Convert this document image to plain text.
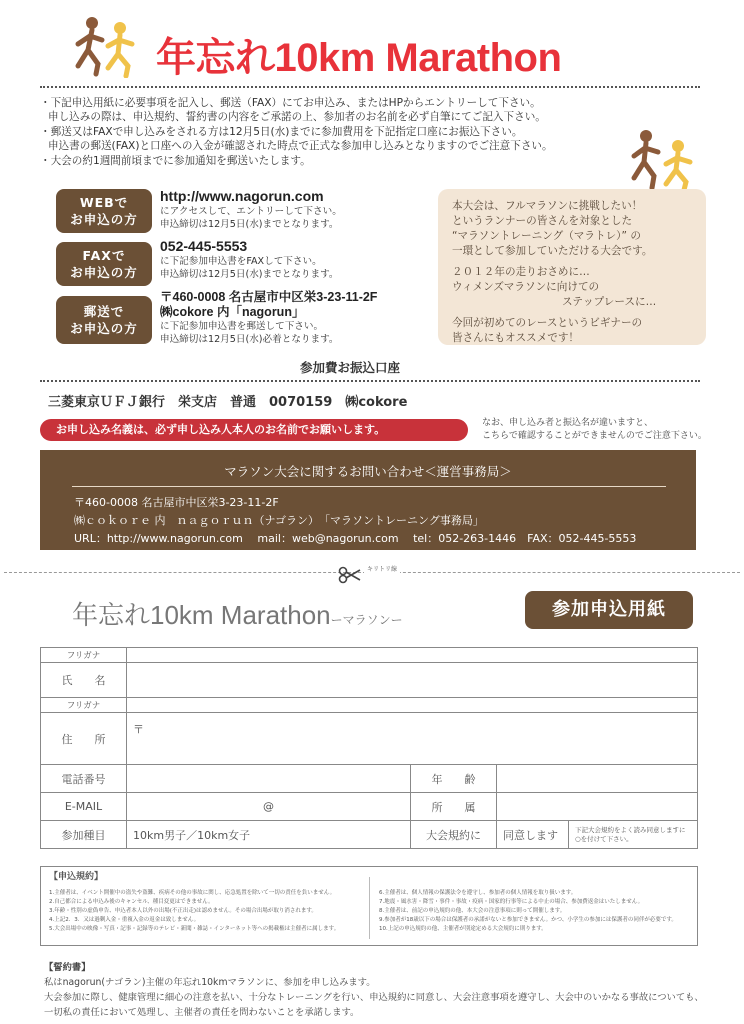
年忘れ10km Marathon

・下記申込用紙に必要事項を記入し、郵送（FAX）にてお申込み、またはHPからエントリーして下さい。

申し込みの際は、申込規約、誓約書の内容をご承諾の上、参加者のお名前を必ず自筆にてご記入下さい。

・郵送又はFAXで申し込みをされる方は12月5日(水)までに参加費用を下記指定口座にお振込下さい。

申込書の郵送(FAX)と口座への入金が確認された時点で正式な参加申し込みとなりますのでご注意下さい。

・大会の約1週間前頃までに参加通知を郵送いたします。

WEBで
お申込の方
http://www.nagorun.com
にアクセスして、エントリーして下さい。
申込締切は12月5日(水)までとなります。
FAXで
お申込の方
052-445-5553
に下記参加申込書をFAXして下さい。
申込締切は12月5日(水)までとなります。
郵送で
お申込の方
〒460-0008 名古屋市中区栄3-23-11-2F
㈱cokore 内「nagorun」
に下記参加申込書を郵送して下さい。
申込締切は12月5日(水)必着となります。

本大会は、フルマラソンに挑戦したい！

というランナーの皆さんを対象とした

“マラソントレーニング（マラトレ）” の

一環として参加していただける大会です。

２０１２年の走りおさめに…

ウィメンズマラソンに向けての

ステップレースに…

今回が初めてのレースというビギナーの

皆さんにもオススメです！

参加費お振込口座
三菱東京ＵＦＪ銀行　栄支店　普通　0070159　㈱cokore
お申し込み名義は、必ず申し込み人本人のお名前でお願いします。	なお、申し込み者と振込名が違いますと、
こちらで確認することができませんのでご注意下さい。
マラソン大会に関するお問い合わせ＜運営事務局＞
〒460-0008 名古屋市中区栄3-23-11-2F
㈱ｃｏｋｏｒｅ 内　ｎａｇｏｒｕｎ（ナゴラン）　「マラソントレーニング事務局」
URL：http://www.nagorun.com　 mail：web@nagorun.com　 tel：052-263-1446　FAX：052-445-5553
キリトリ線
年忘れ10km Marathonーマラソンー	参加申込用紙
フリガナ				
氏　　名				
フリガナ				
住　　所	〒			
電話番号		年　　齢		
E-MAIL	@	所　　属		
参加種目	10km男子／10km女子	大会規約に	同意します	下記大会規約をよく読み同意しますに
○を付けて下さい。
【申込規約】

1.主催者は、イベント開催中の盗失や盗難、疾病その他の事故に関し、応急処置を除いて一切の責任を負いません。

2.自己都合による申込み後のキャンセル、種目変更はできません。

3.年齢・性別の虚偽申告、申込者本人以外の出場(不正出走)は認めません。その場合出場が取り消されます。

4.上記2．3．又は過剰入金・重複入金の返金は致しません。

5.大会出場中の映像・写真・記事・記録等のテレビ・新聞・雑誌・インターネット等への掲載権は主催者に属します。

6.主催者は、個人情報の保護法令を遵守し、参加者の個人情報を取り扱います。

7.地震・風水害・降雪・事件・事故・疫病・国家的行事等による中止の場合、参加費返金はいたしません。

8.主催者は、前記の申込規約の他、本大会の注意事項に則って開催します。

9.参加者が18歳以下の場合は保護者の承諾がないと参加できません。かつ、小学生の参加には保護者の同伴が必要です。

10.上記の申込規約の他、主催者が別途定める大会規約に則ります。

【誓約書】

私はnagorun(ナゴラン)主催の年忘れ10kmマラソンに、参加を申し込みます。

大会参加に際し、健康管理に細心の注意を払い、十分なトレーニングを行い、申込規約に同意し、大会注意事項を遵守し、大会中のいかなる事故についても、

一切私の責任において処理し、主催者の責任を問わないことを承諾します。
